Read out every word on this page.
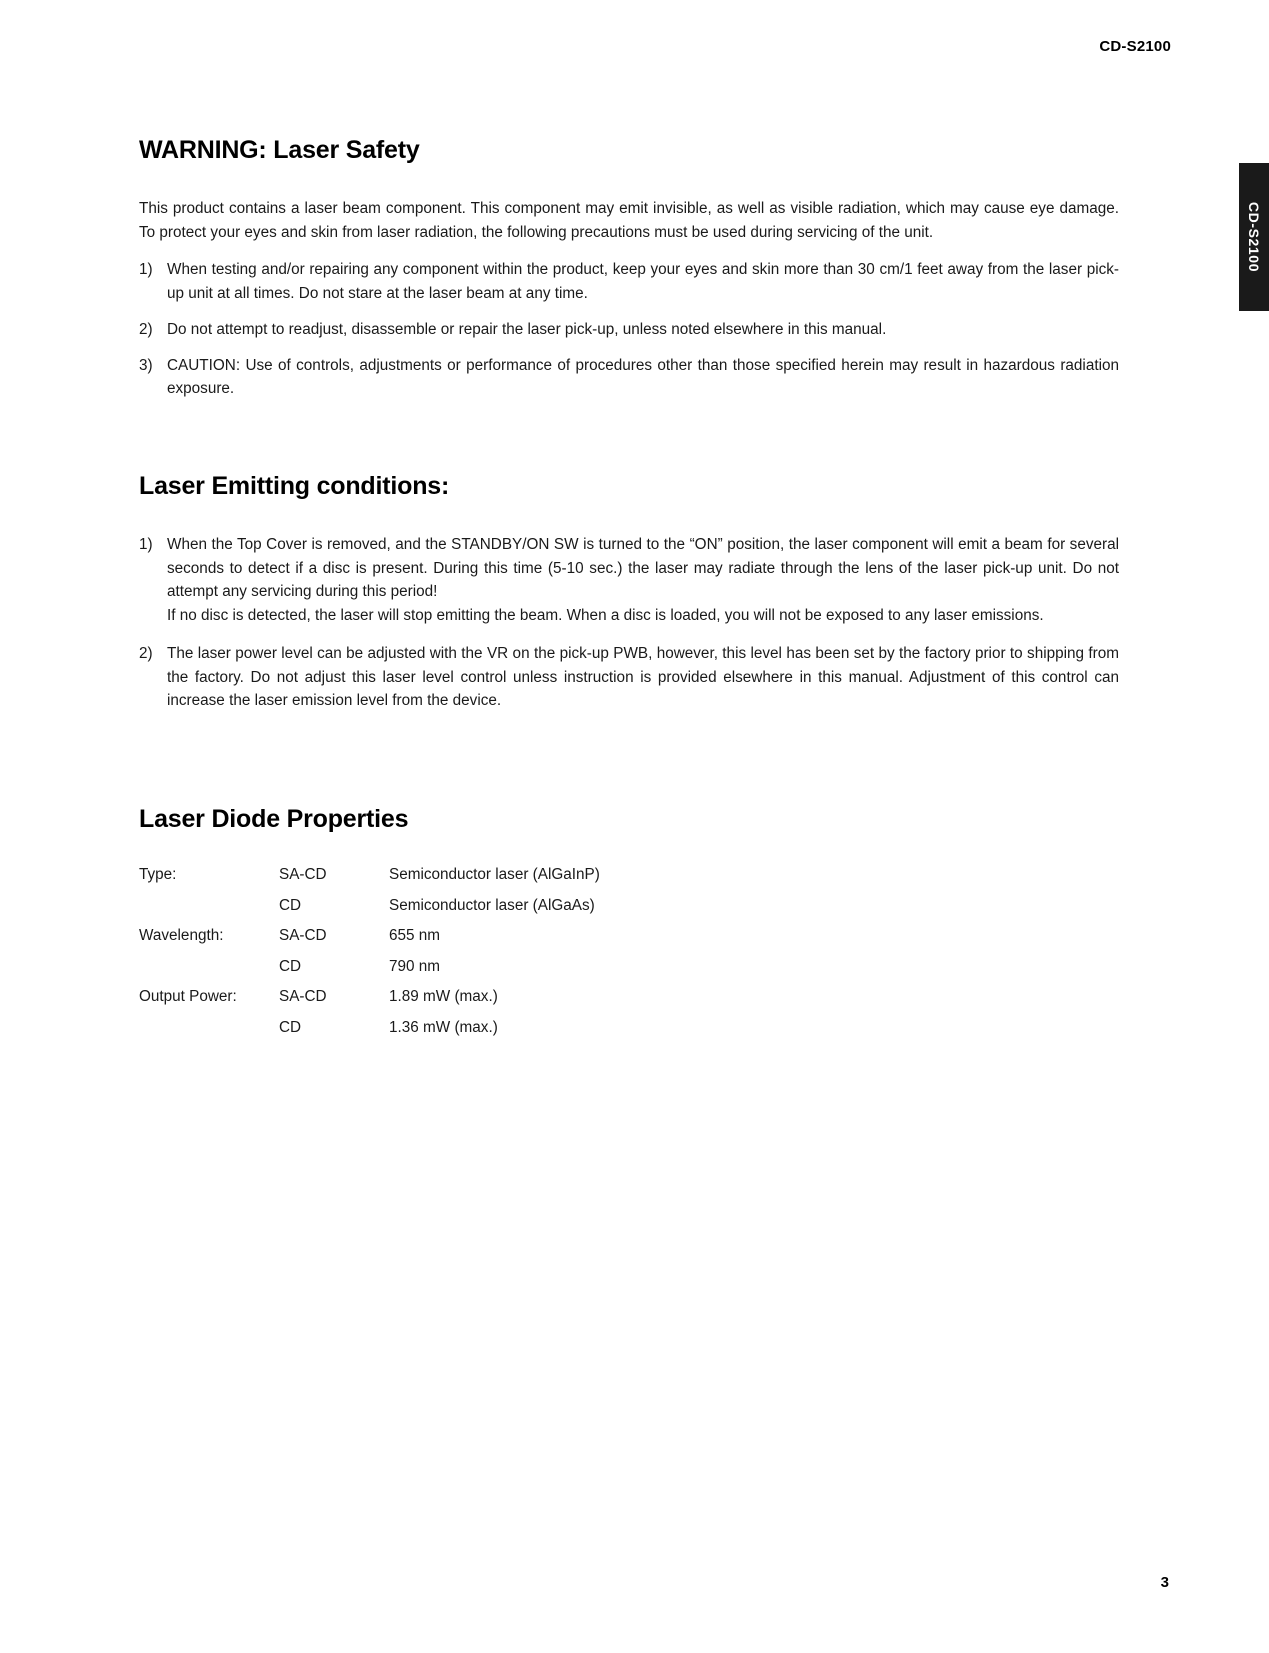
CD-S2100
CD-S2100
WARNING: Laser Safety

This product contains a laser beam component. This component may emit invisible, as well as visible radiation, which may cause eye damage. To protect your eyes and skin from laser radiation, the following precautions must be used during servicing of the unit.

1) When testing and/or repairing any component within the product, keep your eyes and skin more than 30 cm/1 feet away from the laser pick-up unit at all times. Do not stare at the laser beam at any time.
2) Do not attempt to readjust, disassemble or repair the laser pick-up, unless noted elsewhere in this manual.
3) CAUTION: Use of controls, adjustments or performance of procedures other than those specified herein may result in hazardous radiation exposure.
Laser Emitting conditions:
1) When the Top Cover is removed, and the STANDBY/ON SW is turned to the “ON” position, the laser component will emit a beam for several seconds to detect if a disc is present. During this time (5-10 sec.) the laser may radiate through the lens of the laser pick-up unit. Do not attempt any servicing during this period!
If no disc is detected, the laser will stop emitting the beam. When a disc is loaded, you will not be exposed to any laser emissions.
2) The laser power level can be adjusted with the VR on the pick-up PWB, however, this level has been set by the factory prior to shipping from the factory. Do not adjust this laser level control unless instruction is provided elsewhere in this manual. Adjustment of this control can increase the laser emission level from the device.
Laser Diode Properties
Type:	SA-CD	Semiconductor laser (AlGaInP)
	CD	Semiconductor laser (AlGaAs)
Wavelength:	SA-CD	655 nm
	CD	790 nm
Output Power:	SA-CD	1.89 mW (max.)
	CD	1.36 mW (max.)
3
